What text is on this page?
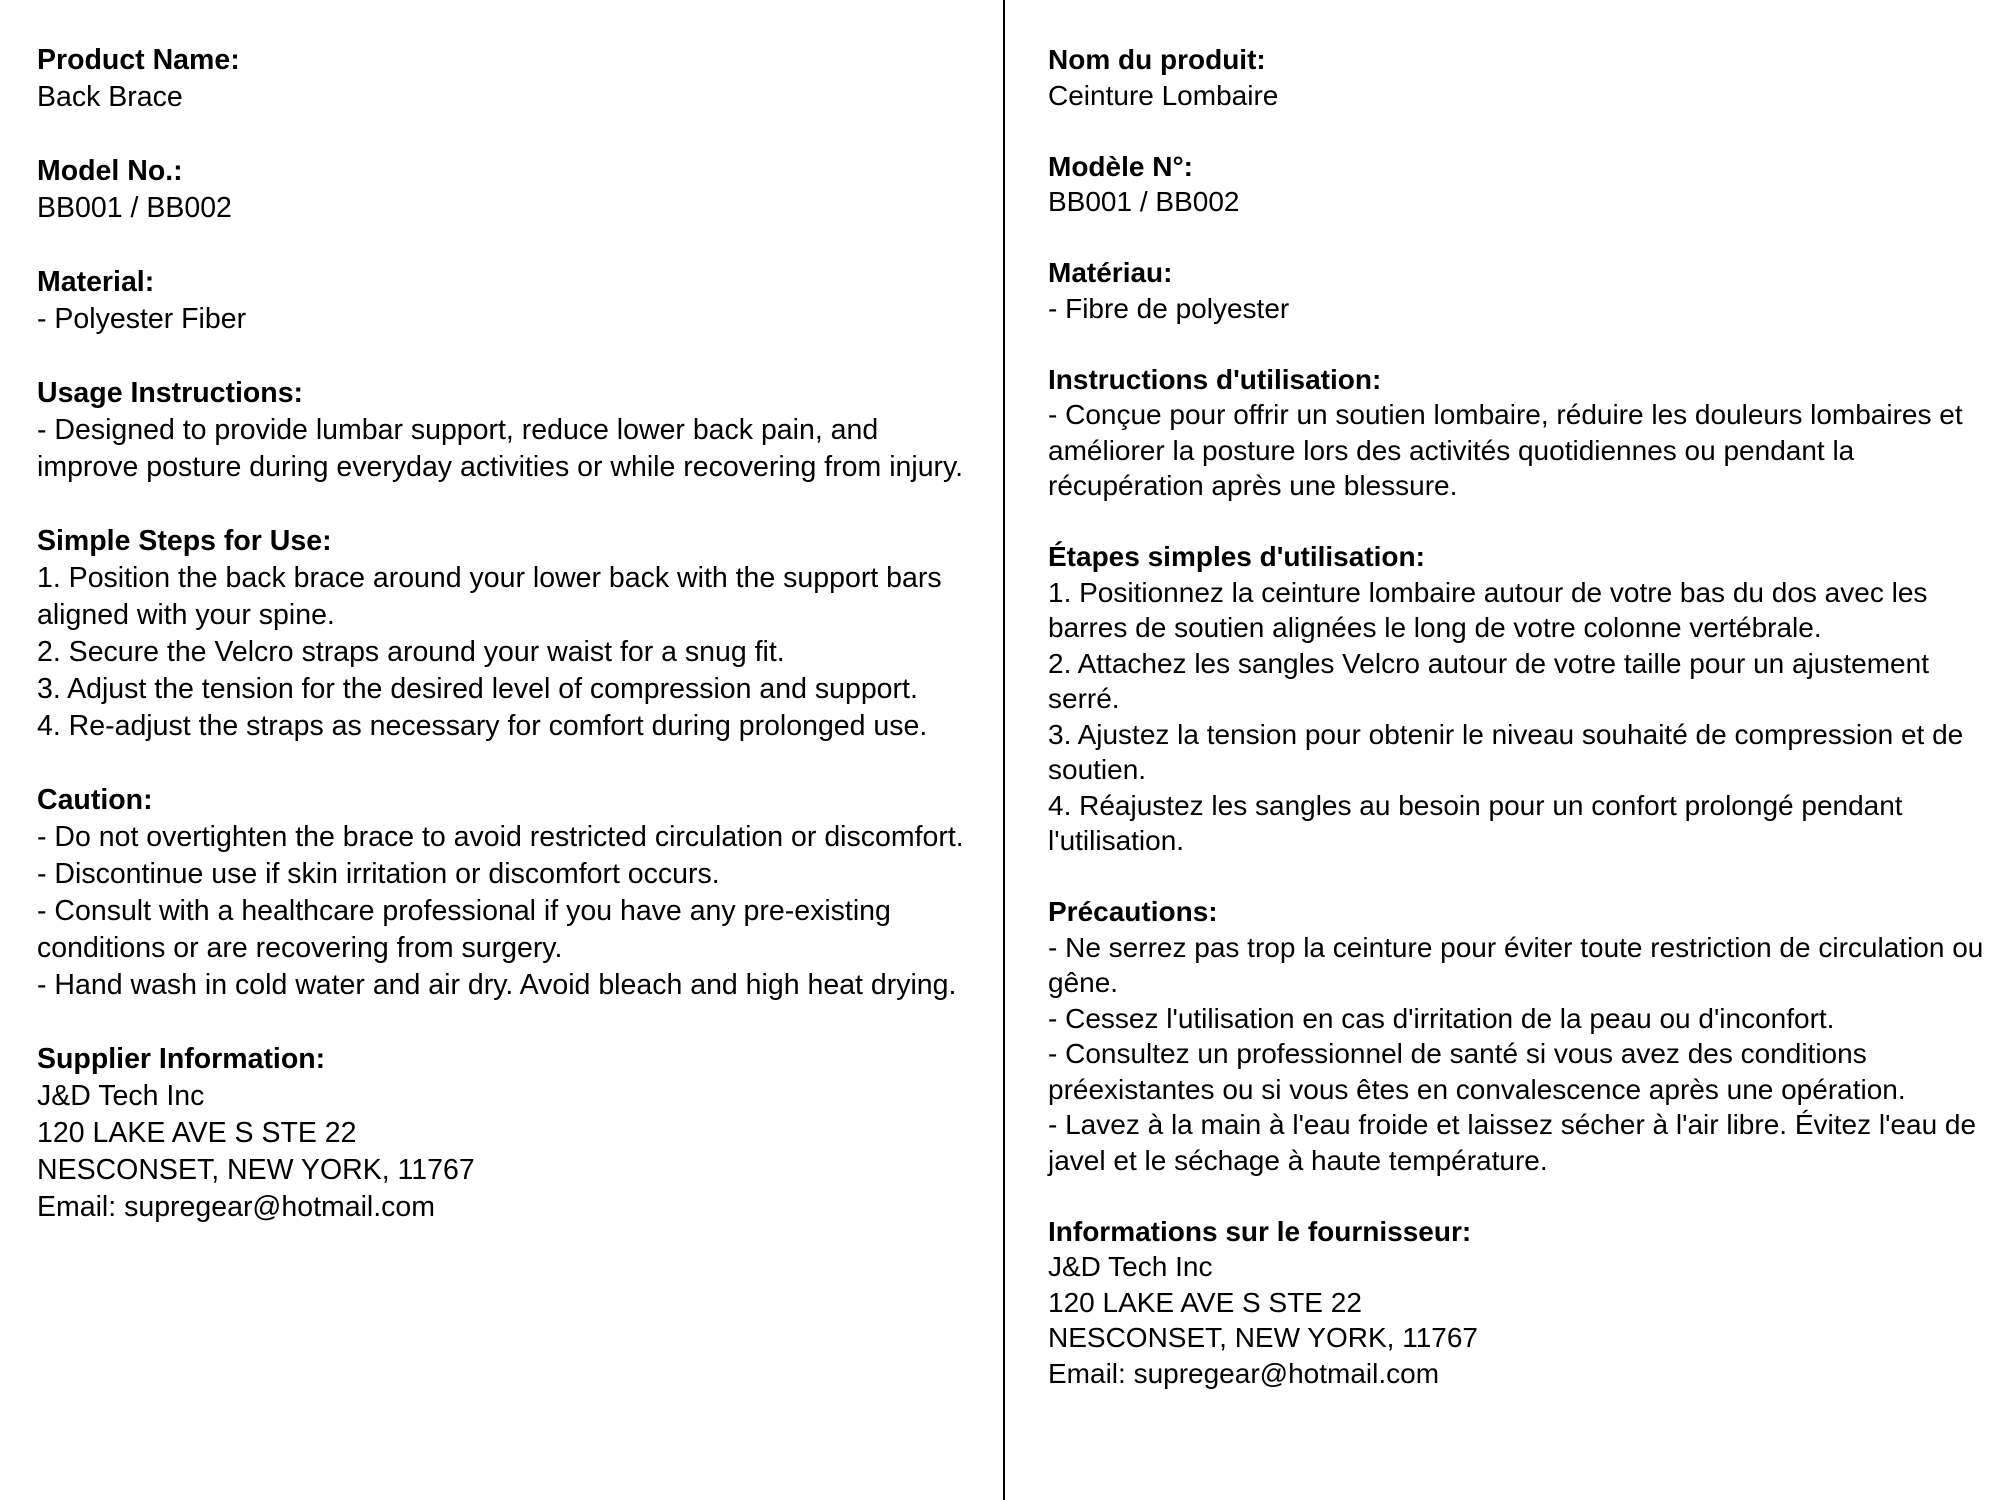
Product Name:
Back Brace
Model No.:
BB001 / BB002
Material:
- Polyester Fiber
Usage Instructions:
- Designed to provide lumbar support, reduce lower back pain, and improve posture during everyday activities or while recovering from injury.
Simple Steps for Use:
1. Position the back brace around your lower back with the support bars aligned with your spine.
2. Secure the Velcro straps around your waist for a snug fit.
3. Adjust the tension for the desired level of compression and support.
4. Re-adjust the straps as necessary for comfort during prolonged use.
Caution:
- Do not overtighten the brace to avoid restricted circulation or discomfort.
- Discontinue use if skin irritation or discomfort occurs.
- Consult with a healthcare professional if you have any pre-existing conditions or are recovering from surgery.
- Hand wash in cold water and air dry. Avoid bleach and high heat drying.
Supplier Information:
J&D Tech Inc
120 LAKE AVE S STE 22
NESCONSET, NEW YORK, 11767
Email: supregear@hotmail.com
Nom du produit:
Ceinture Lombaire
Modèle N°:
BB001 / BB002
Matériau:
- Fibre de polyester
Instructions d'utilisation:
- Conçue pour offrir un soutien lombaire, réduire les douleurs lombaires et améliorer la posture lors des activités quotidiennes ou pendant la récupération après une blessure.
Étapes simples d'utilisation:
1. Positionnez la ceinture lombaire autour de votre bas du dos avec les barres de soutien alignées le long de votre colonne vertébrale.
2. Attachez les sangles Velcro autour de votre taille pour un ajustement serré.
3. Ajustez la tension pour obtenir le niveau souhaité de compression et de soutien.
4. Réajustez les sangles au besoin pour un confort prolongé pendant l'utilisation.
Précautions:
- Ne serrez pas trop la ceinture pour éviter toute restriction de circulation ou gêne.
- Cessez l'utilisation en cas d'irritation de la peau ou d'inconfort.
- Consultez un professionnel de santé si vous avez des conditions préexistantes ou si vous êtes en convalescence après une opération.
- Lavez à la main à l'eau froide et laissez sécher à l'air libre. Évitez l'eau de javel et le séchage à haute température.
Informations sur le fournisseur:
J&D Tech Inc
120 LAKE AVE S STE 22
NESCONSET, NEW YORK, 11767
Email: supregear@hotmail.com
